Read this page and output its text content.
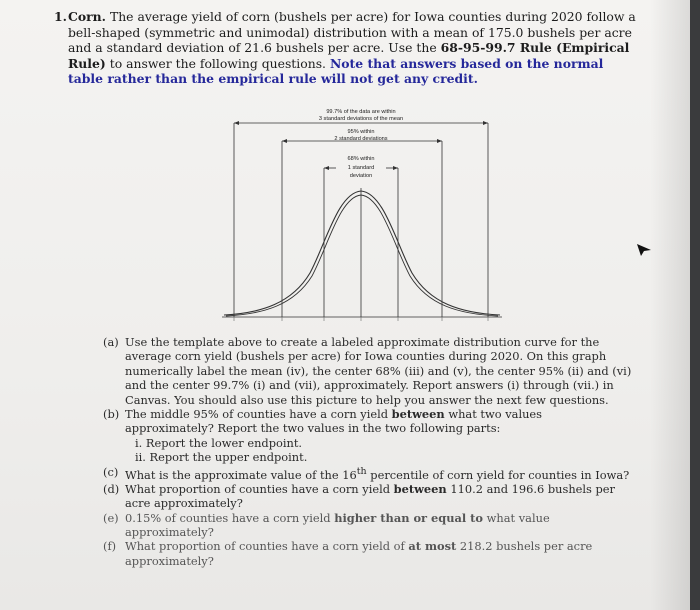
1. Corn. The average yield of corn (bushels per acre) for Iowa counties during 2020 follow a bell-shaped (symmetric and unimodal) distribution with a mean of 175.0 bushels per acre and a standard deviation of 21.6 bushels per acre. Use the 68-95-99.7 Rule (Empirical Rule) to answer the following questions. Note that answers based on the normal table rather than the empirical rule will not get any credit.
99.7% of the data are within
3 standard deviations of the mean
95% within
2 standard deviations
68% within
1 standard
deviation
(a) Use the template above to create a labeled approximate distribution curve for the average corn yield (bushels per acre) for Iowa counties during 2020. On this graph numerically label the mean (iv), the center 68% (iii) and (v), the center 95% (ii) and (vi) and the center 99.7% (i) and (vii), approximately. Report answers (i) through (vii.) in Canvas. You should also use this picture to help you answer the next few questions.
(b) The middle 95% of counties have a corn yield between what two values approximately? Report the two values in the two following parts:
i. Report the lower endpoint.
ii. Report the upper endpoint.
(c) What is the approximate value of the 16th percentile of corn yield for counties in Iowa?
(d) What proportion of counties have a corn yield between 110.2 and 196.6 bushels per acre approximately?
(e) 0.15% of counties have a corn yield higher than or equal to what value approximately?
(f) What proportion of counties have a corn yield of at most 218.2 bushels per acre approximately?
